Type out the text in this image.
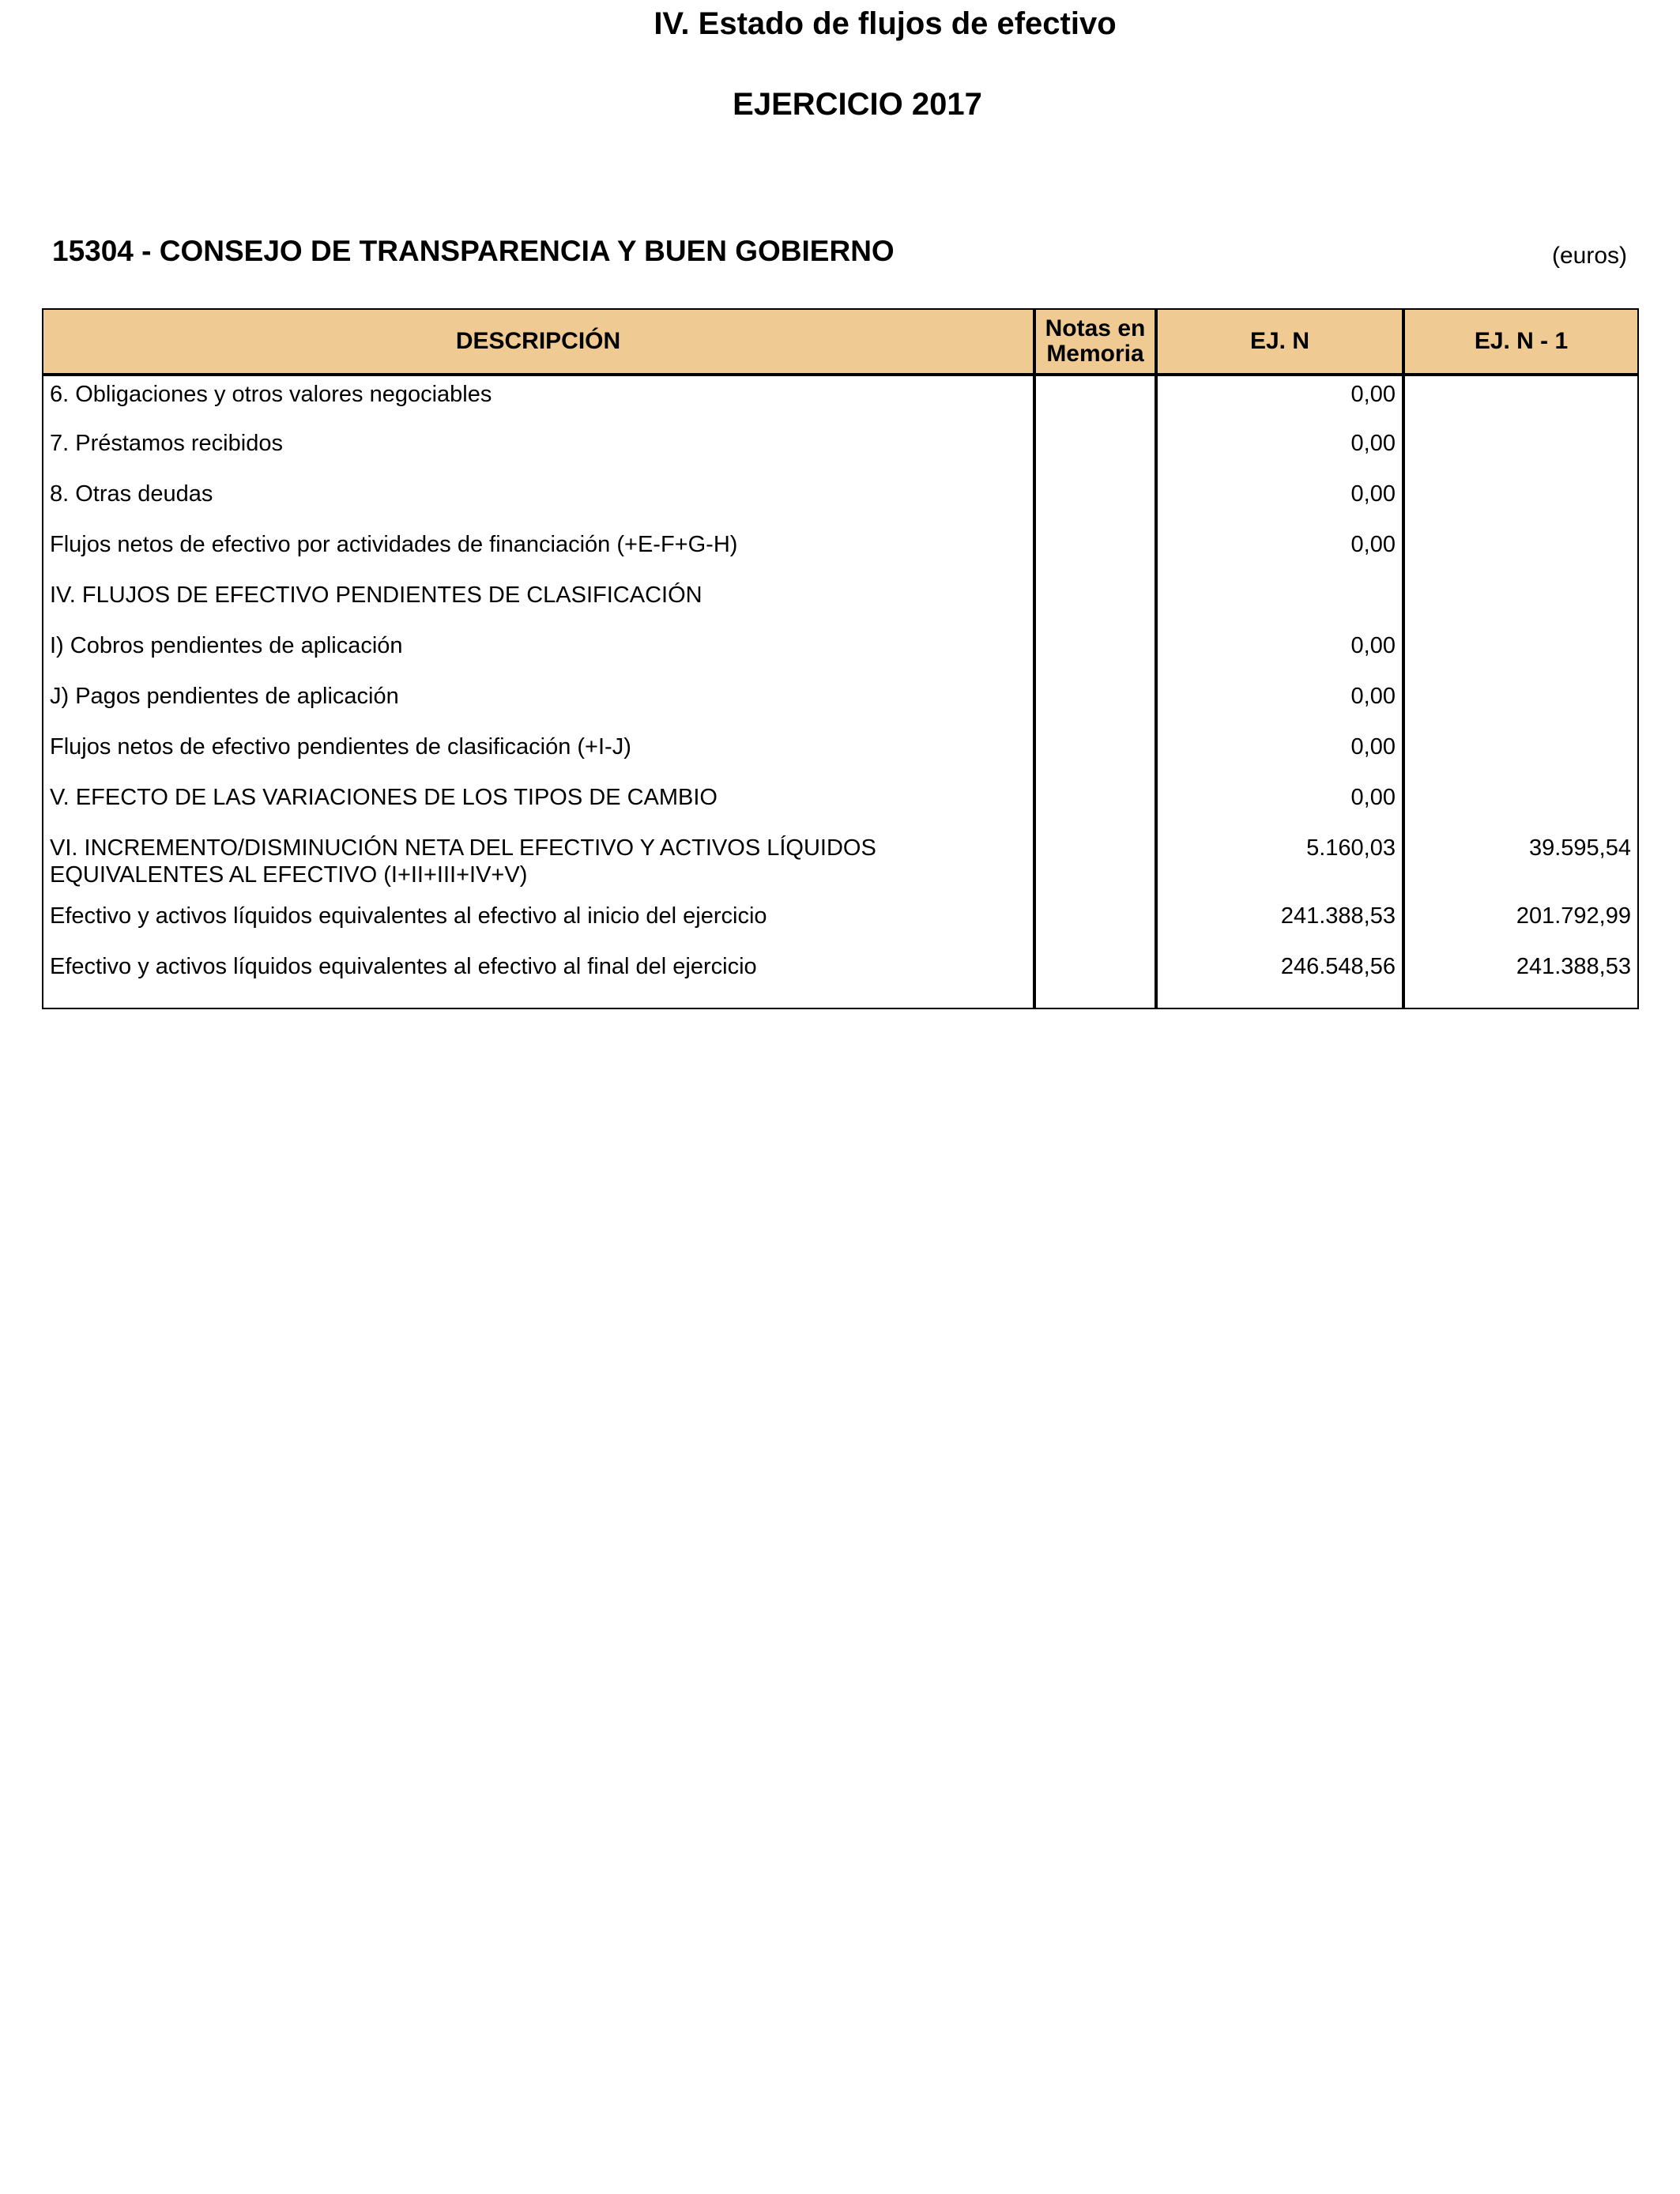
IV. Estado de flujos de efectivo
EJERCICIO 2017
15304 - CONSEJO DE TRANSPARENCIA Y BUEN GOBIERNO	(euros)
DESCRIPCIÓN	Notas en Memoria	EJ. N	EJ. N - 1
6. Obligaciones y otros valores negociables		0,00	
7. Préstamos recibidos		0,00	
8. Otras deudas		0,00	
Flujos netos de efectivo por actividades de financiación (+E-F+G-H)		0,00	
IV. FLUJOS DE EFECTIVO PENDIENTES DE CLASIFICACIÓN			
I) Cobros pendientes de aplicación		0,00	
J) Pagos pendientes de aplicación		0,00	
Flujos netos de efectivo pendientes de clasificación (+I-J)		0,00	
V. EFECTO DE LAS VARIACIONES DE LOS TIPOS DE CAMBIO		0,00	
VI. INCREMENTO/DISMINUCIÓN NETA DEL EFECTIVO Y ACTIVOS LÍQUIDOS EQUIVALENTES AL EFECTIVO (I+II+III+IV+V)		5.160,03	39.595,54
Efectivo y activos líquidos equivalentes al efectivo al inicio del ejercicio		241.388,53	201.792,99
Efectivo y activos líquidos equivalentes al efectivo al final del ejercicio		246.548,56	241.388,53
